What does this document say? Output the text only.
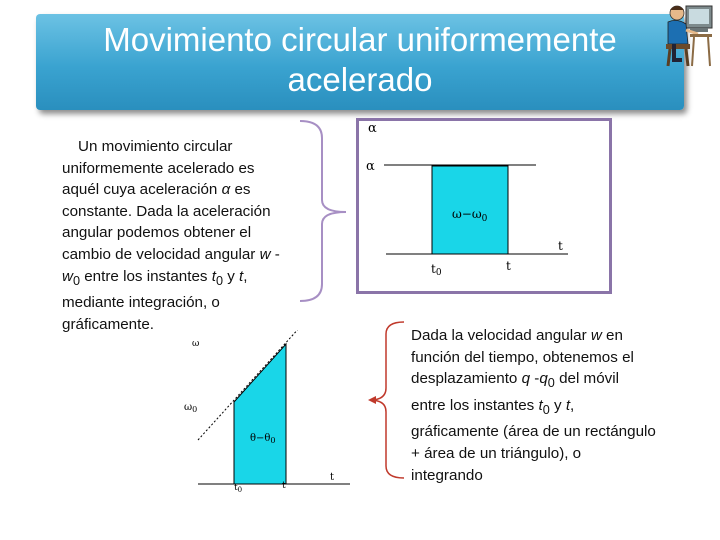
Movimiento circular uniformemente
acelerado
Un movimiento circular
uniformemente acelerado es
aquél cuya aceleración α es
constante. Dada la aceleración
angular podemos obtener el
cambio de velocidad angular w -
$w_0$ entre los instantes $t_0$ y t,
mediante integración, o
gráficamente.
α
α
$\omega-\omega_0$
t
t0	t
ω
$\omega_0$
$\theta-\theta_0$
t
$t_0$	t
Dada la velocidad angular w en
función del tiempo, obtenemos el
desplazamiento q $-q_0$ del móvil
entre los instantes $t_0$ y t,
gráficamente (área de un rectángulo
+ área de un triángulo), o
integrando
